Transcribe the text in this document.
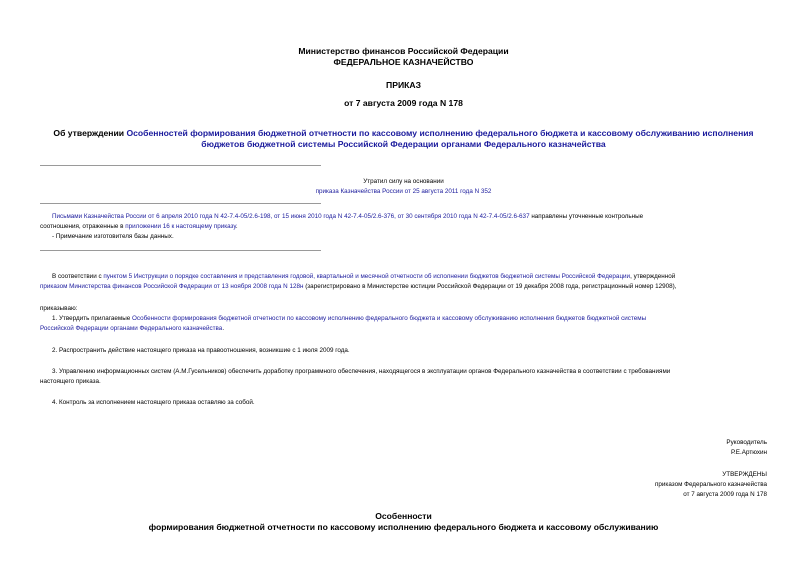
Министерство финансов Российской Федерации
ФЕДЕРАЛЬНОЕ КАЗНАЧЕЙСТВО
ПРИКАЗ
от 7 августа 2009 года N 178
Об утверждении Особенностей формирования бюджетной отчетности по кассовому исполнению федерального бюджета и кассовому обслуживанию исполнения
бюджетов бюджетной системы Российской Федерации органами Федерального казначейства
Утратил силу на основании
приказа Казначейства России от 25 августа 2011 года N 352
Письмами Казначейства России от 6 апреля 2010 года N 42-7.4-05/2.6-198, от 15 июня 2010 года N 42-7.4-05/2.6-376, от 30 сентября 2010 года N 42-7.4-05/2.6-637 направлены уточненные контрольные
соотношения, отраженные в приложении 16 к настоящему приказу.
- Примечание изготовителя базы данных.
В соответствии с пунктом 5 Инструкции о порядке составления и представления годовой, квартальной и месячной отчетности об исполнении бюджетов бюджетной системы Российской Федерации, утвержденной
приказом Министерства финансов Российской Федерации от 13 ноября 2008 года N 128н (зарегистрировано в Министерстве юстиции Российской Федерации от 19 декабря 2008 года, регистрационный номер 12908),
приказываю:
1. Утвердить прилагаемые Особенности формирования бюджетной отчетности по кассовому исполнению федерального бюджета и кассовому обслуживанию исполнения бюджетов бюджетной системы
Российской Федерации органами Федерального казначейства.
2. Распространить действие настоящего приказа на правоотношения, возникшие с 1 июля 2009 года.
3. Управлению информационных систем (А.М.Гусельников) обеспечить доработку программного обеспечения, находящегося в эксплуатации органов Федерального казначейства в соответствии с требованиями
настоящего приказа.
4. Контроль за исполнением настоящего приказа оставляю за собой.
Руководитель
Р.Е.Артюхин
УТВЕРЖДЕНЫ
приказом Федерального казначейства
от 7 августа 2009 года N 178
Особенности
формирования бюджетной отчетности по кассовому исполнению федерального бюджета и кассовому обслуживанию
